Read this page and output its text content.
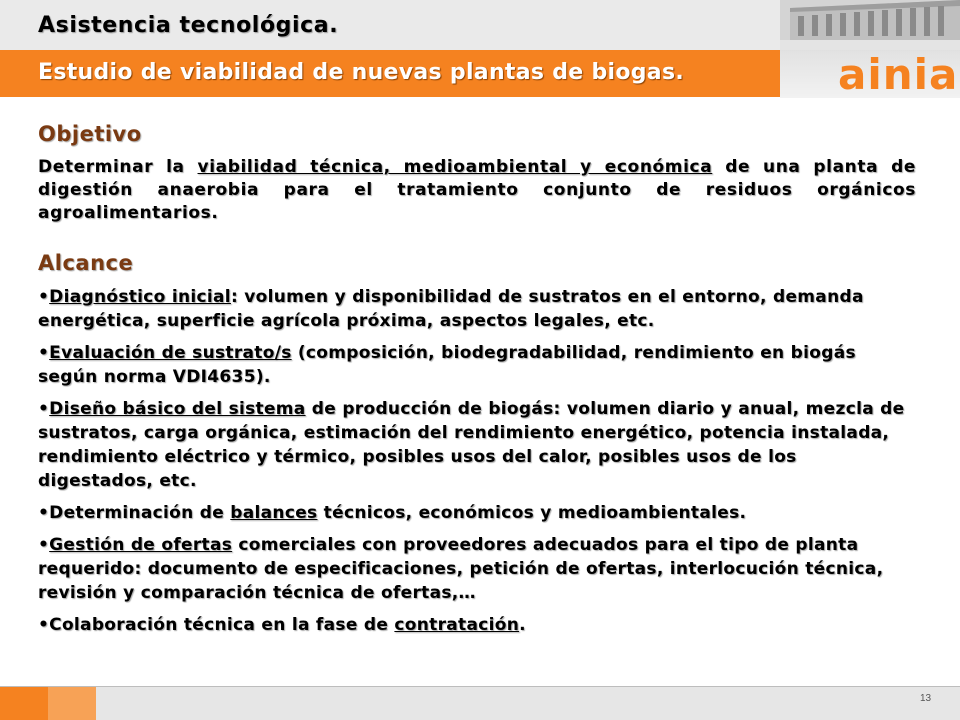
Asistencia tecnológica.
Estudio de viabilidad de nuevas plantas de biogas.	ainia
Objetivo

Determinar la viabilidad técnica, medioambiental y económica de una planta de digestión anaerobia para el tratamiento conjunto de residuos orgánicos agroalimentarios.

Alcance
•Diagnóstico inicial: volumen y disponibilidad de sustratos en el entorno, demanda energética, superficie agrícola próxima, aspectos legales, etc.
•Evaluación de sustrato/s (composición, biodegradabilidad, rendimiento en biogás según norma VDI4635).
•Diseño básico del sistema de producción de biogás: volumen diario y anual, mezcla de sustratos, carga orgánica, estimación del rendimiento energético, potencia instalada, rendimiento eléctrico y térmico, posibles usos del calor, posibles usos de los digestados, etc.
•Determinación de balances técnicos, económicos y medioambientales.
•Gestión de ofertas comerciales con proveedores adecuados para el tipo de planta requerido: documento de especificaciones, petición de ofertas, interlocución técnica, revisión y comparación técnica de ofertas,…
•Colaboración técnica en la fase de contratación.
13
